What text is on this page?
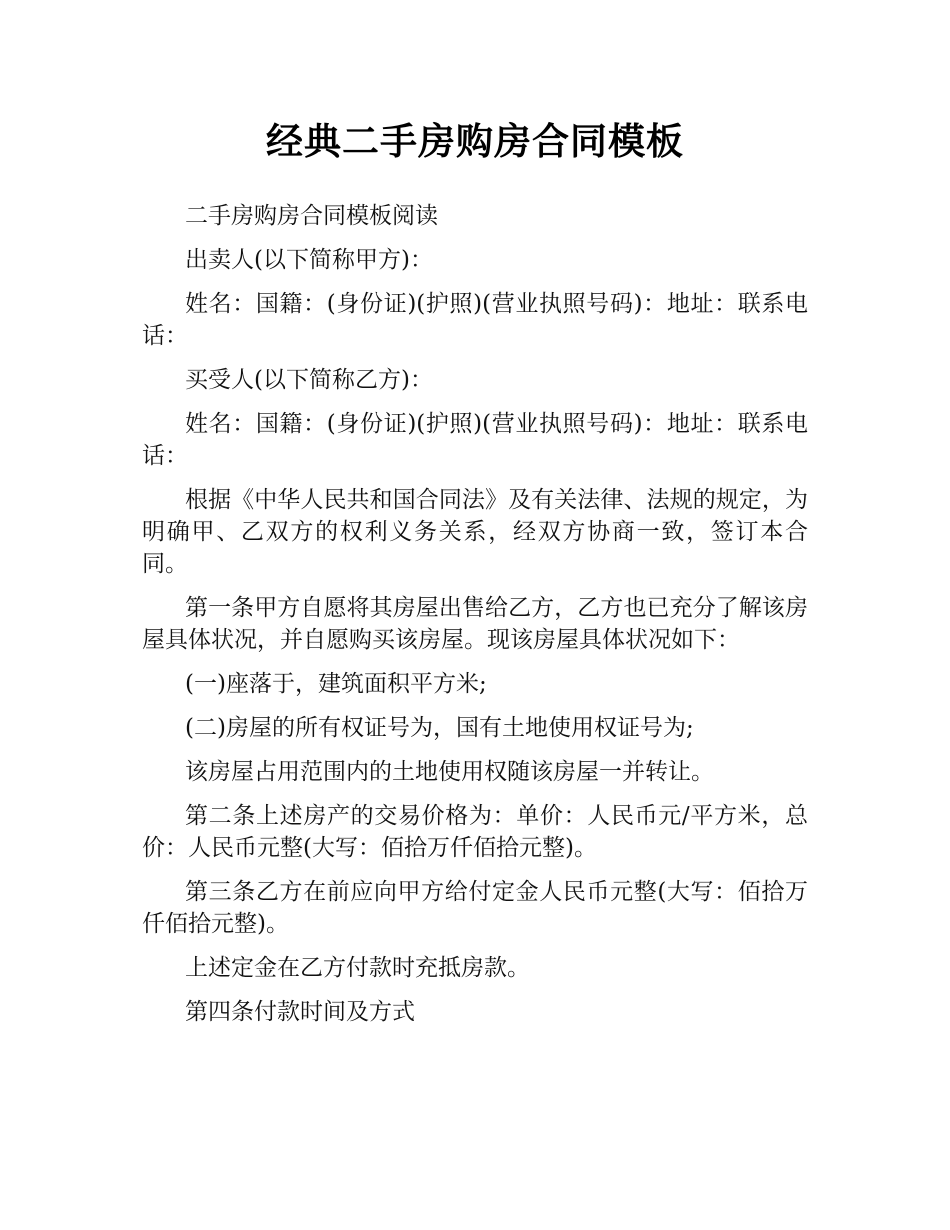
经典二手房购房合同模板

二手房购房合同模板阅读

出卖人(以下简称甲方)：

姓名：国籍：(身份证)(护照)(营业执照号码)：地址：联系电话：

买受人(以下简称乙方)：

姓名：国籍：(身份证)(护照)(营业执照号码)：地址：联系电话：

根据《中华人民共和国合同法》及有关法律、法规的规定，为明确甲、乙双方的权利义务关系，经双方协商一致，签订本合同。

第一条甲方自愿将其房屋出售给乙方，乙方也已充分了解该房屋具体状况，并自愿购买该房屋。现该房屋具体状况如下：

(一)座落于，建筑面积平方米;

(二)房屋的所有权证号为，国有土地使用权证号为;

该房屋占用范围内的土地使用权随该房屋一并转让。

第二条上述房产的交易价格为：单价：人民币元/平方米，总价：人民币元整(大写：佰拾万仟佰拾元整)。

第三条乙方在前应向甲方给付定金人民币元整(大写：佰拾万仟佰拾元整)。

上述定金在乙方付款时充抵房款。

第四条付款时间及方式
